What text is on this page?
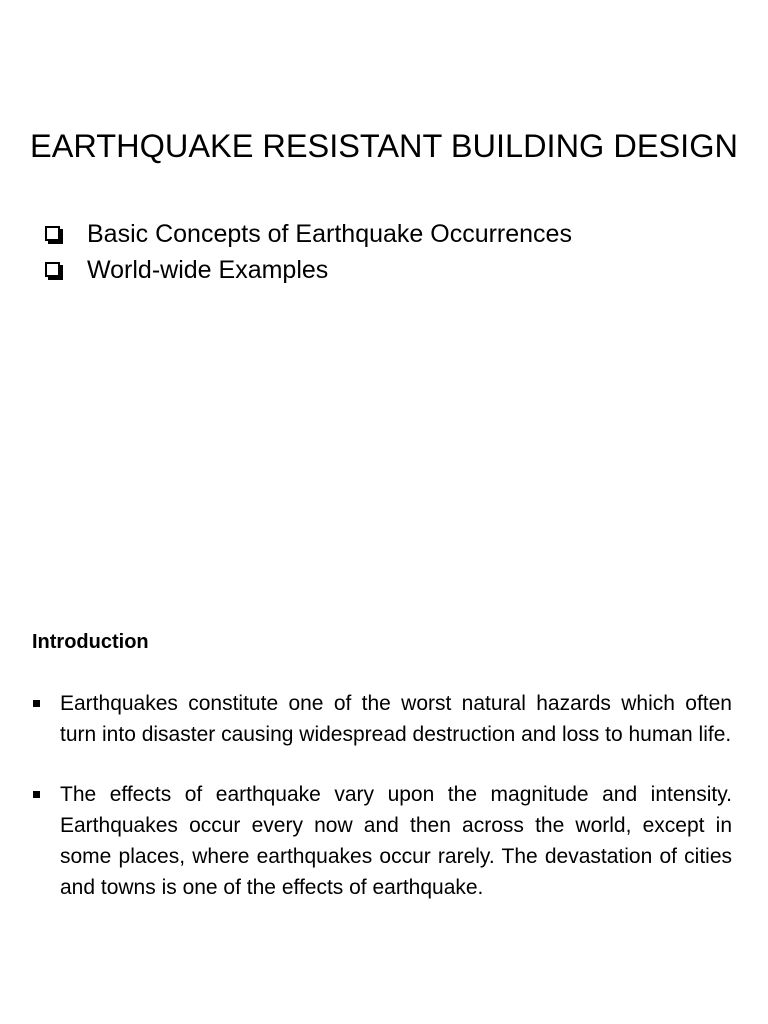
EARTHQUAKE RESISTANT BUILDING DESIGN
Basic Concepts of Earthquake Occurrences
World-wide Examples
Introduction
Earthquakes constitute one of the worst natural hazards which often turn into disaster causing widespread destruction and loss to human life.
The effects of earthquake vary upon the magnitude and intensity. Earthquakes occur every now and then across the world, except in some places, where earthquakes occur rarely. The devastation of cities and towns is one of the effects of earthquake.
